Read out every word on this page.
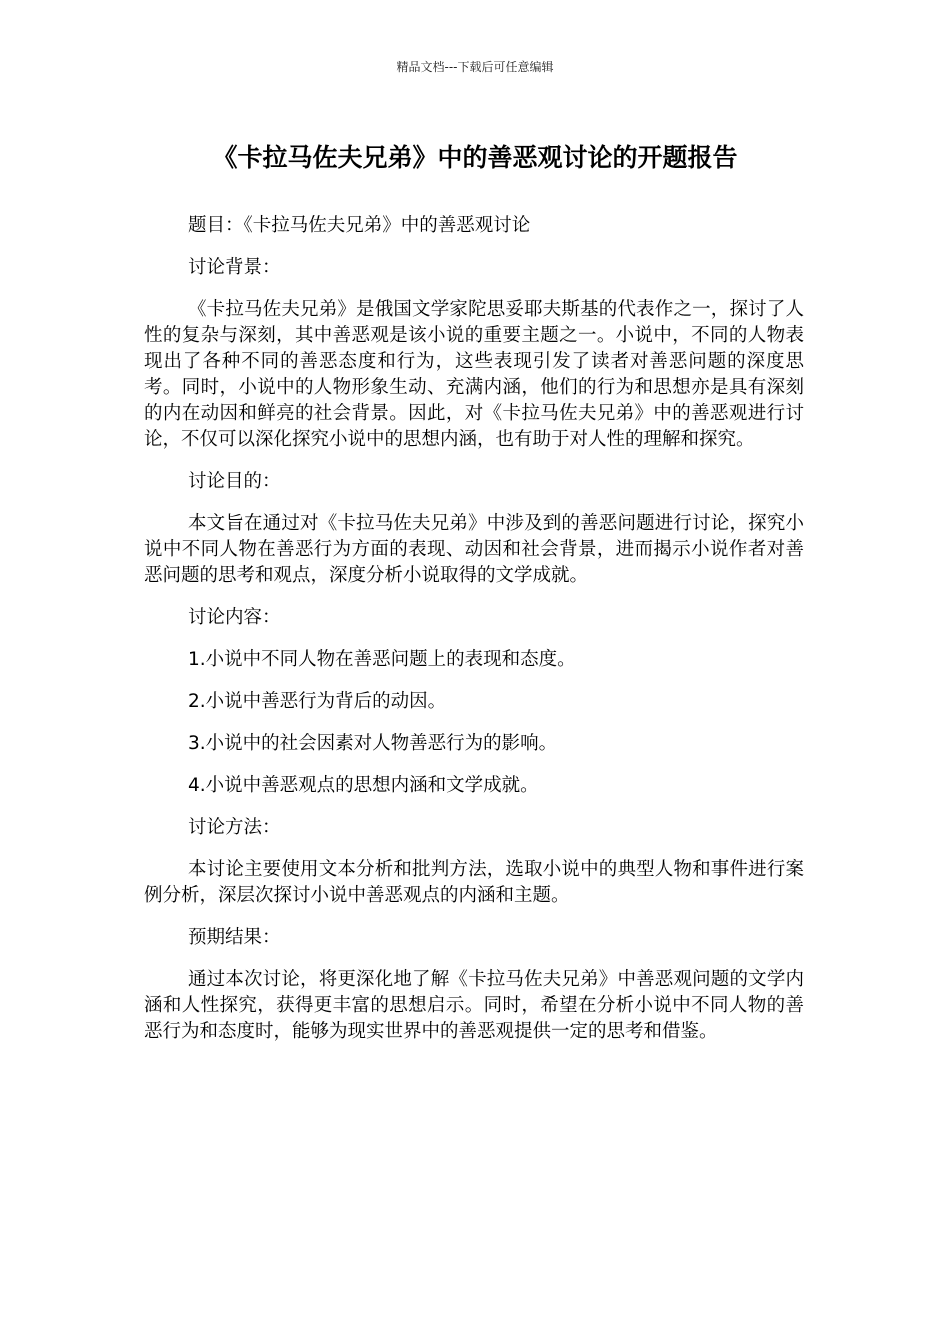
精品文档---下载后可任意编辑
《卡拉马佐夫兄弟》中的善恶观讨论的开题报告

题目：《卡拉马佐夫兄弟》中的善恶观讨论

讨论背景：

《卡拉马佐夫兄弟》是俄国文学家陀思妥耶夫斯基的代表作之一，探讨了人性的复杂与深刻，其中善恶观是该小说的重要主题之一。小说中，不同的人物表现出了各种不同的善恶态度和行为，这些表现引发了读者对善恶问题的深度思考。同时，小说中的人物形象生动、充满内涵，他们的行为和思想亦是具有深刻的内在动因和鲜亮的社会背景。因此，对《卡拉马佐夫兄弟》中的善恶观进行讨论，不仅可以深化探究小说中的思想内涵，也有助于对人性的理解和探究。

讨论目的：

本文旨在通过对《卡拉马佐夫兄弟》中涉及到的善恶问题进行讨论，探究小说中不同人物在善恶行为方面的表现、动因和社会背景，进而揭示小说作者对善恶问题的思考和观点，深度分析小说取得的文学成就。

讨论内容：

1.小说中不同人物在善恶问题上的表现和态度。

2.小说中善恶行为背后的动因。

3.小说中的社会因素对人物善恶行为的影响。

4.小说中善恶观点的思想内涵和文学成就。

讨论方法：

本讨论主要使用文本分析和批判方法，选取小说中的典型人物和事件进行案例分析，深层次探讨小说中善恶观点的内涵和主题。

预期结果：

通过本次讨论，将更深化地了解《卡拉马佐夫兄弟》中善恶观问题的文学内涵和人性探究，获得更丰富的思想启示。同时，希望在分析小说中不同人物的善恶行为和态度时，能够为现实世界中的善恶观提供一定的思考和借鉴。
